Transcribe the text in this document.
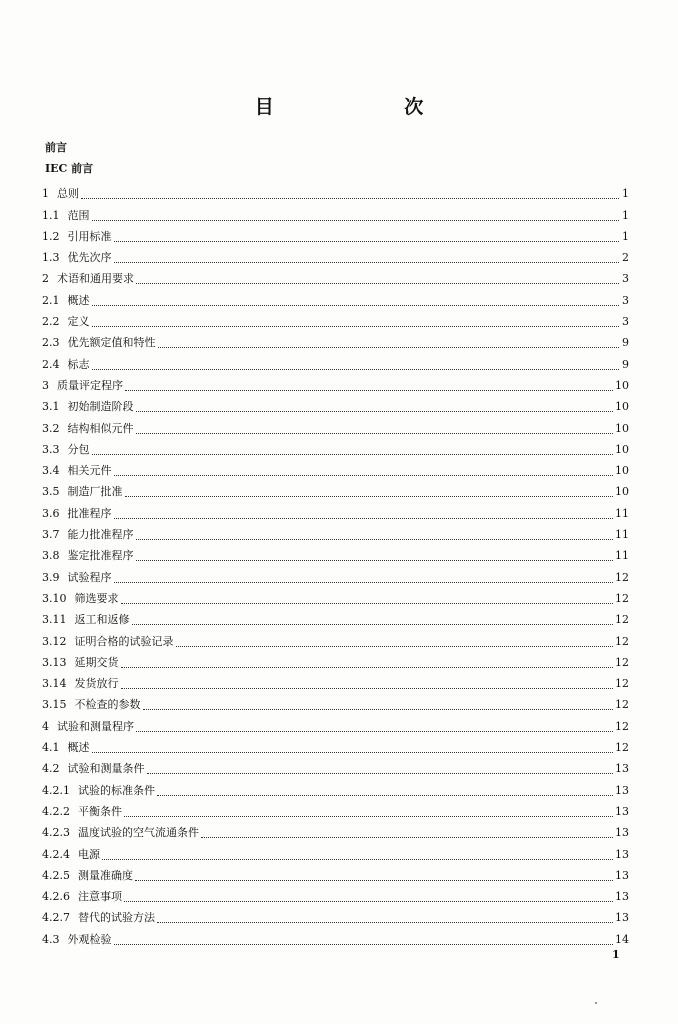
目 次
前言
IEC 前言
1 总则	1
1.1 范围	1
1.2 引用标准	1
1.3 优先次序	2
2 术语和通用要求	3
2.1 概述	3
2.2 定义	3
2.3 优先额定值和特性	9
2.4 标志	9
3 质量评定程序	10
3.1 初始制造阶段	10
3.2 结构相似元件	10
3.3 分包	10
3.4 相关元件	10
3.5 制造厂批准	10
3.6 批准程序	11
3.7 能力批准程序	11
3.8 鉴定批准程序	11
3.9 试验程序	12
3.10 筛选要求	12
3.11 返工和返修	12
3.12 证明合格的试验记录	12
3.13 延期交货	12
3.14 发货放行	12
3.15 不检查的参数	12
4 试验和测量程序	12
4.1 概述	12
4.2 试验和测量条件	13
4.2.1 试验的标准条件	13
4.2.2 平衡条件	13
4.2.3 温度试验的空气流通条件	13
4.2.4 电源	13
4.2.5 测量准确度	13
4.2.6 注意事项	13
4.2.7 替代的试验方法	13
4.3 外观检验	14
1
